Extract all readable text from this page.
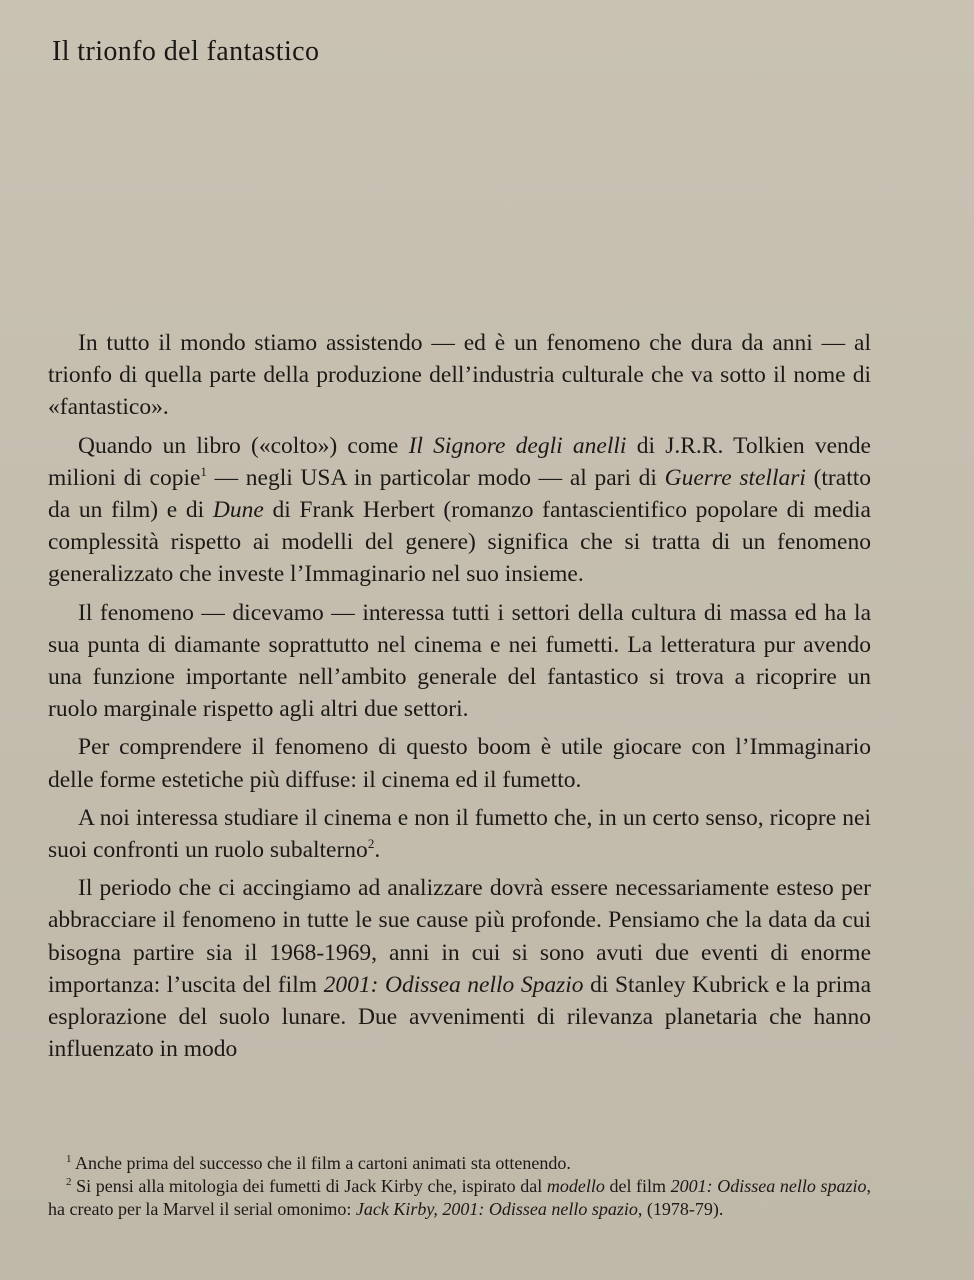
Il trionfo del fantastico

In tutto il mondo stiamo assistendo — ed è un fenomeno che dura da anni — al trionfo di quella parte della produzione dell’industria culturale che va sotto il nome di «fantastico».

Quando un libro («colto») come Il Signore degli anelli di J.R.R. Tolkien vende milioni di copie$^1$ — negli USA in particolar modo — al pari di Guerre stellari (tratto da un film) e di Dune di Frank Herbert (romanzo fantascientifico popolare di media complessità rispetto ai modelli del genere) significa che si tratta di un fenomeno generalizzato che investe l’Immaginario nel suo insieme.

Il fenomeno — dicevamo — interessa tutti i settori della cultura di massa ed ha la sua punta di diamante soprattutto nel cinema e nei fumetti. La letteratura pur avendo una funzione importante nell’ambito generale del fantastico si trova a ricoprire un ruolo marginale rispetto agli altri due settori.

Per comprendere il fenomeno di questo boom è utile giocare con l’Immaginario delle forme estetiche più diffuse: il cinema ed il fumetto.

A noi interessa studiare il cinema e non il fumetto che, in un certo senso, ricopre nei suoi confronti un ruolo subalterno$^2$.

Il periodo che ci accingiamo ad analizzare dovrà essere necessariamente esteso per abbracciare il fenomeno in tutte le sue cause più profonde. Pensiamo che la data da cui bisogna partire sia il 1968-1969, anni in cui si sono avuti due eventi di enorme importanza: l’uscita del film 2001: Odissea nello Spazio di Stanley Kubrick e la prima esplorazione del suolo lunare. Due avvenimenti di rilevanza planetaria che hanno influenzato in modo

$^1$ Anche prima del successo che il film a cartoni animati sta ottenendo.

$^2$ Si pensi alla mitologia dei fumetti di Jack Kirby che, ispirato dal modello del film 2001: Odissea nello spazio, ha creato per la Marvel il serial omonimo: Jack Kirby, 2001: Odissea nello spazio, (1978-79).
